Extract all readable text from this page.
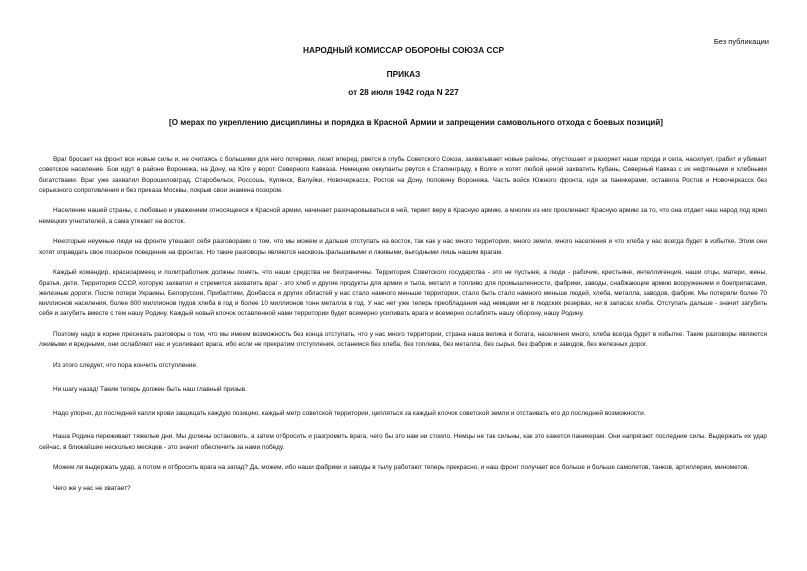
Без публикации
НАРОДНЫЙ КОМИССАР ОБОРОНЫ СОЮЗА ССР
ПРИКАЗ
от 28 июля 1942 года N 227
[О мерах по укреплению дисциплины и порядка в Красной Армии и запрещении самовольного отхода с боевых позиций]

Враг бросает на фронт все новые силы и, не считаясь с большими для него потерями, лезет вперед, рвется в глубь Советского Союза, захватывает новые районы, опустошает и разоряет наши города и села, насилует, грабит и убивает советское население. Бои идут в районе Воронежа, на Дону, на Юге у ворот Северного Кавказа. Немецкие оккупанты рвутся к Сталинграду, к Волге и хотят любой ценой захватить Кубань, Северный Кавказ с их нефтяными и хлебными богатствами. Враг уже захватил Ворошиловград, Старобельск, Россошь, Купянск, Валуйки, Новочеркасск, Ростов на Дону, половину Воронежа. Часть войск Южного фронта, идя за паникерами, оставила Ростов и Новочеркасск без серьезного сопротивления и без приказа Москвы, покрыв свои знамена позором.

Население нашей страны, с любовью и уважением относящееся к Красной армии, начинает разочаровываться в ней, теряет веру в Красную армию, а многие из них проклинают Красную армию за то, что она отдает наш народ под ярмо немецких угнетателей, а сама утекает на восток.

Некоторые неумные люди на фронте утешают себя разговорами о том, что мы можем и дальше отступать на восток, так как у нас много территории, много земли, много населения и что хлеба у нас всегда будет в избытке. Этим они хотят оправдать свое позорное поведение на фронтах. Но такие разговоры являются насквозь фальшивыми и лживыми, выгодными лишь нашим врагам.

Каждый командир, красноармеец и политработник должны понять, что наши средства не безграничны. Территория Советского государства - это не пустыня, а люди - рабочие, крестьяне, интеллигенция, наши отцы, матери, жены, братья, дети. Территория СССР, которую захватил и стремится захватить враг - это хлеб и другие продукты для армии и тыла, металл и топливо для промышленности, фабрики, заводы, снабжающие армию вооружением и боеприпасами, железные дороги. После потери Украины, Белоруссии, Прибалтики, Донбасса и других областей у нас стало намного меньше территории, стало быть стало намного меньше людей, хлеба, металла, заводов, фабрик. Мы потеряли более 70 миллионов населения, более 800 миллионов пудов хлеба в год и более 10 миллионов тонн металла в год. У нас нет уже теперь преобладания над немцами ни в людских резервах, ни в запасах хлеба. Отступать дальше - значит загубить себя и загубить вместе с тем нашу Родину. Каждый новый клочок оставленной нами территории будет всемерно усиливать врага и всемерно ослаблять нашу оборону, нашу Родину.

Поэтому надо в корне пресекать разговоры о том, что мы имеем возможность без конца отступать, что у нас много территории, страна наша велика и богата, населения много, хлеба всегда будет в избытке. Такие разговоры являются лживыми и вредными, они ослабляют нас и усиливают врага, ибо если не прекратим отступления, останемся без хлеба, без топлива, без металла, без сырья, без фабрик и заводов, без железных дорог.

Из этого следует, что пора кончить отступление.

Ни шагу назад! Таким теперь должен быть наш главный призыв.

Надо упорно, до последней капли крови защищать каждую позицию, каждый метр советской территории, цепляться за каждый клочок советской земли и отстаивать его до последней возможности.

Наша Родина переживает тяжелые дни. Мы должны остановить, а затем отбросить и разгромить врага, чего бы это нам ни стоило. Немцы не так сильны, как это кажется паникерам. Они напрягают последние силы. Выдержать их удар сейчас, в ближайшие несколько месяцев - это значит обеспечить за нами победу.

Можем ли выдержать удар, а потом и отбросить врага на запад? Да, можем, ибо наши фабрики и заводы в тылу работают теперь прекрасно, и наш фронт получает все больше и больше самолетов, танков, артиллерии, минометов.

Чего же у нас не хватает?
